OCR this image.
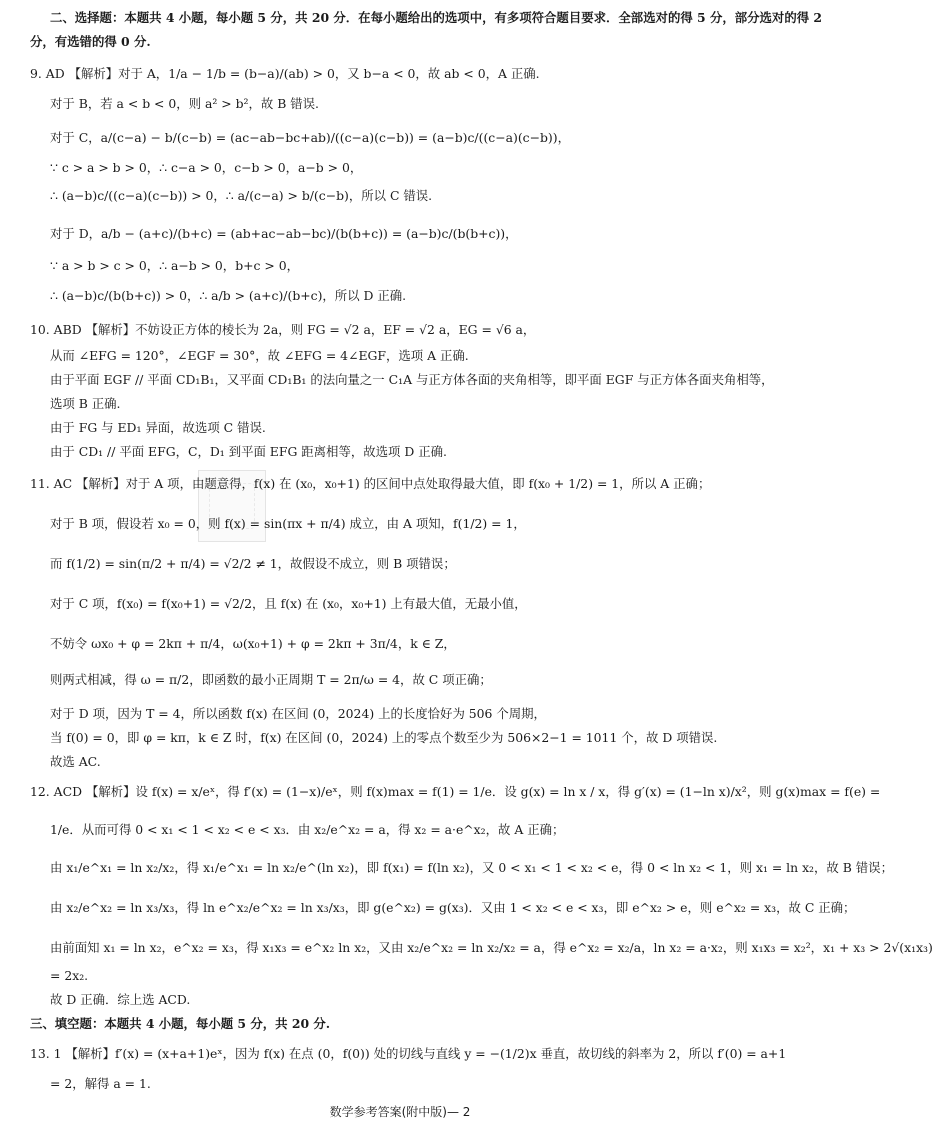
二、选择题：本题共 4 小题，每小题 5 分，共 20 分．在每小题给出的选项中，有多项符合题目要求．全部选对的得 5 分，部分选对的得 2
分，有选错的得 0 分.
9. AD 【解析】对于 A，1/a − 1/b = (b−a)/(ab) > 0，又 b−a < 0，故 ab < 0，A 正确.
对于 B，若 a < b < 0，则 a² > b²，故 B 错误.
对于 C，a/(c−a) − b/(c−b) = (ac−ab−bc+ab)/((c−a)(c−b)) = (a−b)c/((c−a)(c−b))，
∵ c > a > b > 0，∴ c−a > 0，c−b > 0，a−b > 0，
∴ (a−b)c/((c−a)(c−b)) > 0，∴ a/(c−a) > b/(c−b)，所以 C 错误.
对于 D，a/b − (a+c)/(b+c) = (ab+ac−ab−bc)/(b(b+c)) = (a−b)c/(b(b+c))，
∵ a > b > c > 0，∴ a−b > 0，b+c > 0，
∴ (a−b)c/(b(b+c)) > 0，∴ a/b > (a+c)/(b+c)，所以 D 正确.
10. ABD 【解析】不妨设正方体的棱长为 2a，则 FG = √2 a，EF = √2 a，EG = √6 a，
从而 ∠EFG = 120°，∠EGF = 30°，故 ∠EFG = 4∠EGF，选项 A 正确.
由于平面 EGF // 平面 CD₁B₁，又平面 CD₁B₁ 的法向量之一 C₁A 与正方体各面的夹角相等，即平面 EGF 与正方体各面夹角相等，
选项 B 正确.
由于 FG 与 ED₁ 异面，故选项 C 错误.
由于 CD₁ // 平面 EFG，C，D₁ 到平面 EFG 距离相等，故选项 D 正确.
11. AC 【解析】对于 A 项，由题意得，f(x) 在 (x₀，x₀+1) 的区间中点处取得最大值，即 f(x₀ + 1/2) = 1，所以 A 正确；
对于 B 项，假设若 x₀ = 0，则 f(x) = sin(πx + π/4) 成立，由 A 项知，f(1/2) = 1，
而 f(1/2) = sin(π/2 + π/4) = √2/2 ≠ 1，故假设不成立，则 B 项错误；
对于 C 项，f(x₀) = f(x₀+1) = √2/2，且 f(x) 在 (x₀，x₀+1) 上有最大值，无最小值，
不妨令 ωx₀ + φ = 2kπ + π/4，ω(x₀+1) + φ = 2kπ + 3π/4，k ∈ Z，
则两式相减，得 ω = π/2，即函数的最小正周期 T = 2π/ω = 4，故 C 项正确；
对于 D 项，因为 T = 4，所以函数 f(x) 在区间 (0，2024) 上的长度恰好为 506 个周期，
当 f(0) = 0，即 φ = kπ，k ∈ Z 时，f(x) 在区间 (0，2024) 上的零点个数至少为 506×2−1 = 1011 个，故 D 项错误.
故选 AC.
12. ACD 【解析】设 f(x) = x/eˣ，得 f′(x) = (1−x)/eˣ，则 f(x)max = f(1) = 1/e．设 g(x) = ln x / x，得 g′(x) = (1−ln x)/x²，则 g(x)max = f(e) =
1/e．从而可得 0 < x₁ < 1 < x₂ < e < x₃．由 x₂/e^x₂ = a，得 x₂ = a·e^x₂，故 A 正确；
由 x₁/e^x₁ = ln x₂/x₂，得 x₁/e^x₁ = ln x₂/e^(ln x₂)，即 f(x₁) = f(ln x₂)，又 0 < x₁ < 1 < x₂ < e，得 0 < ln x₂ < 1，则 x₁ = ln x₂，故 B 错误；
由 x₂/e^x₂ = ln x₃/x₃，得 ln e^x₂/e^x₂ = ln x₃/x₃，即 g(e^x₂) = g(x₃)．又由 1 < x₂ < e < x₃，即 e^x₂ > e，则 e^x₂ = x₃，故 C 正确；
由前面知 x₁ = ln x₂，e^x₂ = x₃，得 x₁x₃ = e^x₂ ln x₂，又由 x₂/e^x₂ = ln x₂/x₂ = a，得 e^x₂ = x₂/a，ln x₂ = a·x₂，则 x₁x₃ = x₂²，x₁ + x₃ > 2√(x₁x₃)
= 2x₂.
故 D 正确．综上选 ACD.
三、填空题：本题共 4 小题，每小题 5 分，共 20 分.
13. 1 【解析】f′(x) = (x+a+1)eˣ，因为 f(x) 在点 (0，f(0)) 处的切线与直线 y = −(1/2)x 垂直，故切线的斜率为 2，所以 f′(0) = a+1
= 2，解得 a = 1.
数学参考答案(附中版)— 2
